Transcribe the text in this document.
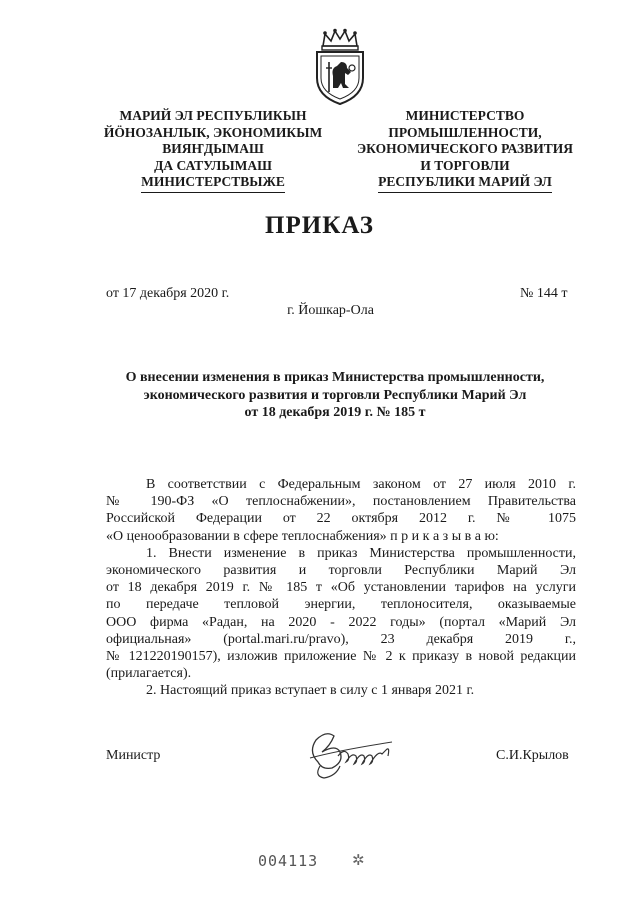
МАРИЙ ЭЛ РЕСПУБЛИКЫН
ЙӦНОЗАНЛЫК, ЭКОНОМИКЫМ
ВИЯҤДЫМАШ
ДА САТУЛЫМАШ
МИНИСТЕРСТВЫЖЕ
МИНИСТЕРСТВО
ПРОМЫШЛЕННОСТИ,
ЭКОНОМИЧЕСКОГО РАЗВИТИЯ
И ТОРГОВЛИ
РЕСПУБЛИКИ МАРИЙ ЭЛ
ПРИКАЗ
от 17 декабря 2020 г.	№ 144 т
г. Йошкар-Ола
О внесении изменения в приказ Министерства промышленности,
экономического развития и торговли Республики Марий Эл
от 18 декабря 2019 г. № 185 т
В соответствии с Федеральным законом от 27 июля 2010 г.
№ 190-ФЗ «О теплоснабжении», постановлением Правительства
Российской Федерации от 22 октября 2012 г. № 1075
«О ценообразовании в сфере теплоснабжения» п р и к а з ы в а ю:
1. Внести изменение в приказ Министерства промышленности,
экономического развития и торговли Республики Марий Эл
от 18 декабря 2019 г. № 185 т «Об установлении тарифов на услуги
по передаче тепловой энергии, теплоносителя, оказываемые
ООО фирма «Радан, на 2020 - 2022 годы» (портал «Марий Эл
официальная» (portal.mari.ru/pravo), 23 декабря 2019 г.,
№ 121220190157), изложив приложение № 2 к приказу в новой редакции
(прилагается).
2. Настоящий приказ вступает в силу с 1 января 2021 г.
Министр	С.И.Крылов
004113 ✲
